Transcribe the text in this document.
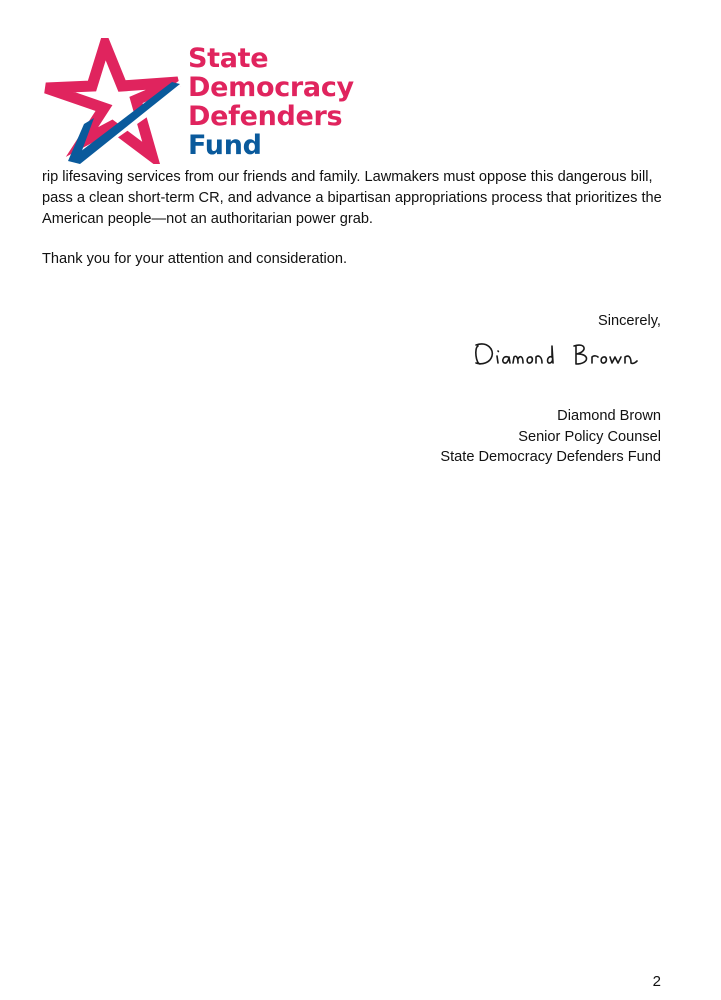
State
Democracy
Defenders
Fund

rip lifesaving services from our friends and family. Lawmakers must oppose this dangerous bill, pass a clean short-term CR, and advance a bipartisan appropriations process that prioritizes the American people—not an authoritarian power grab.

Thank you for your attention and consideration.

Sincerely,
Diamond Brown
Senior Policy Counsel
State Democracy Defenders Fund
2
